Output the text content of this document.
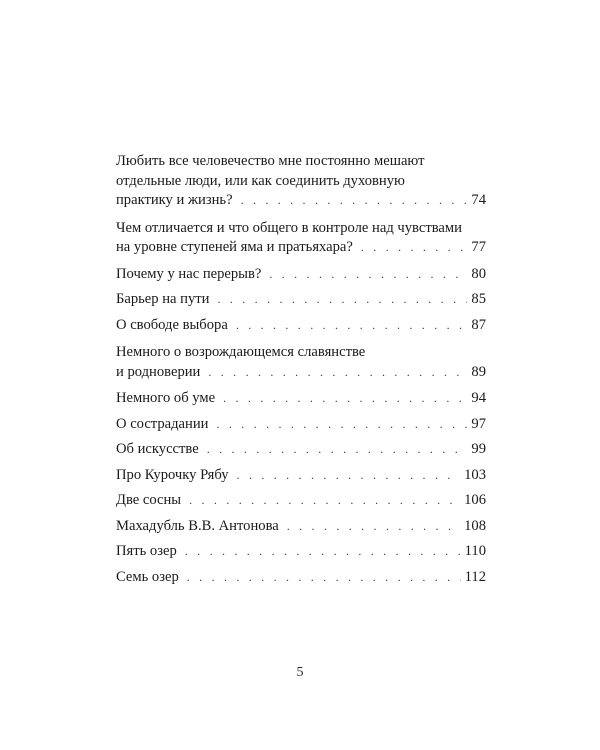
Любить все человечество мне постоянно мешают
отдельные люди, или как соединить духовную
практику и жизнь? . . .	74
Чем отличается и что общего в контроле над чувствами
на уровне ступеней яма и пратьяхара? . . .	77
Почему у нас перерыв? . . .	80
Барьер на пути . . .	85
О свободе выбора . . .	87
Немного о возрождающемся славянстве
и родноверии . . .	89
Немного об уме . . .	94
О сострадании . . .	97
Об искусстве . . .	99
Про Курочку Рябу . . .	103
Две сосны . . .	106
Махадубль В.В. Антонова . . .	108
Пять озер . . .	110
Семь озер . . .	112
5
